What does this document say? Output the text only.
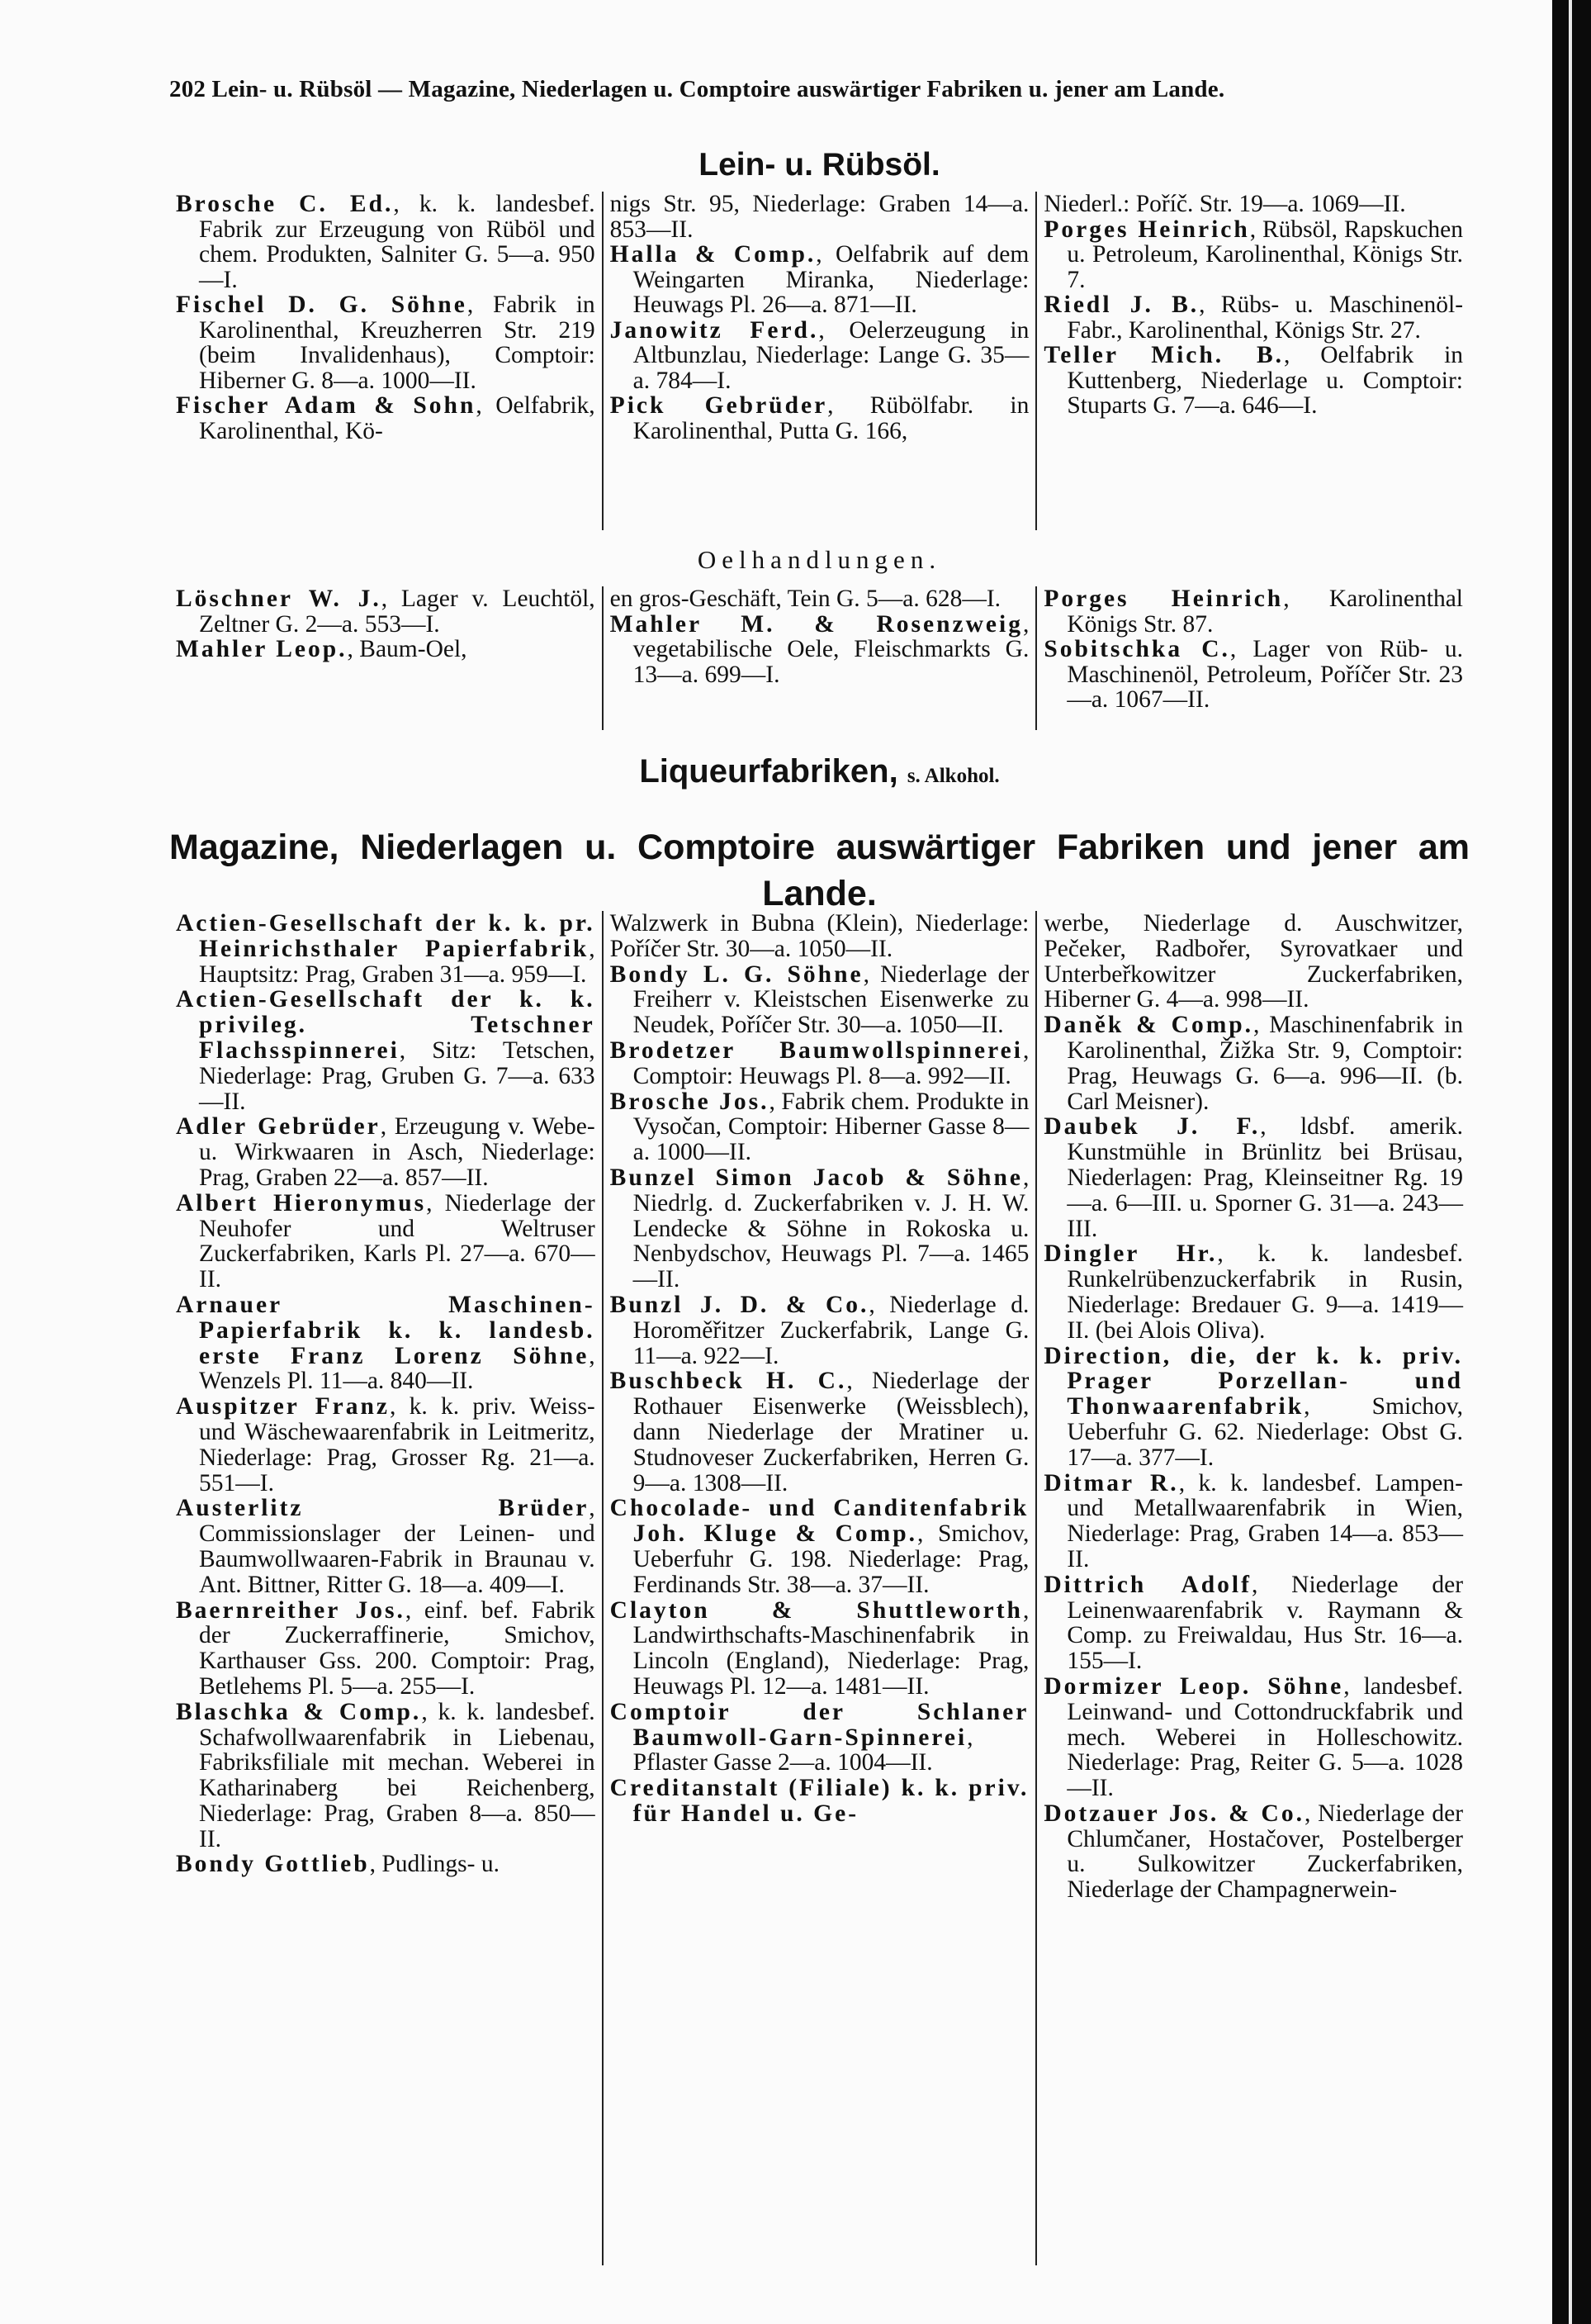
202 Lein- u. Rübsöl — Magazine, Niederlagen u. Comptoire auswärtiger Fabriken u. jener am Lande.
Lein- u. Rübsöl.

Brosche C. Ed., k. k. landesbef. Fabrik zur Erzeugung von Rüböl und chem. Produkten, Salniter G. 5—a. 950—I.

Fischel D. G. Söhne, Fabrik in Karolinenthal, Kreuzherren Str. 219 (beim Invalidenhaus), Comptoir: Hiberner G. 8—a. 1000—II.

Fischer Adam & Sohn, Oelfabrik, Karolinenthal, Kö-

nigs Str. 95, Niederlage: Graben 14—a. 853—II.

Halla & Comp., Oelfabrik auf dem Weingarten Miranka, Niederlage: Heuwags Pl. 26—a. 871—II.

Janowitz Ferd., Oelerzeugung in Altbunzlau, Niederlage: Lange G. 35—a. 784—I.

Pick Gebrüder, Rübölfabr. in Karolinenthal, Putta G. 166,

Niederl.: Poříč. Str. 19—a. 1069—II.

Porges Heinrich, Rübsöl, Rapskuchen u. Petroleum, Karolinenthal, Königs Str. 7.

Riedl J. B., Rübs- u. Maschinenöl-Fabr., Karolinenthal, Königs Str. 27.

Teller Mich. B., Oelfabrik in Kuttenberg, Niederlage u. Comptoir: Stuparts G. 7—a. 646—I.

Oelhandlungen.

Löschner W. J., Lager v. Leuchtöl, Zeltner G. 2—a. 553—I.

Mahler Leop., Baum-Oel,

en gros-Geschäft, Tein G. 5—a. 628—I.

Mahler M. & Rosenzweig, vegetabilische Oele, Fleischmarkts G. 13—a. 699—I.

Porges Heinrich, Karolinenthal Königs Str. 87.

Sobitschka C., Lager von Rüb- u. Maschinenöl, Petroleum, Poříčer Str. 23—a. 1067—II.

Liqueurfabriken, s. Alkohol.
Magazine, Niederlagen u. Comptoire auswärtiger Fabriken und jener am Lande.

Actien-Gesellschaft der k. k. pr. Heinrichsthaler Papierfabrik, Hauptsitz: Prag, Graben 31—a. 959—I.

Actien-Gesellschaft der k. k. privileg. Tetschner Flachsspinnerei, Sitz: Tetschen, Niederlage: Prag, Gruben G. 7—a. 633—II.

Adler Gebrüder, Erzeugung v. Webe- u. Wirkwaaren in Asch, Niederlage: Prag, Graben 22—a. 857—II.

Albert Hieronymus, Niederlage der Neuhofer und Weltruser Zuckerfabriken, Karls Pl. 27—a. 670—II.

Arnauer Maschinen-Papierfabrik k. k. landesb. erste Franz Lorenz Söhne, Wenzels Pl. 11—a. 840—II.

Auspitzer Franz, k. k. priv. Weiss- und Wäschewaarenfabrik in Leitmeritz, Niederlage: Prag, Grosser Rg. 21—a. 551—I.

Austerlitz Brüder, Commissionslager der Leinen- und Baumwollwaaren-Fabrik in Braunau v. Ant. Bittner, Ritter G. 18—a. 409—I.

Baernreither Jos., einf. bef. Fabrik der Zuckerraffinerie, Smichov, Karthauser Gss. 200. Comptoir: Prag, Betlehems Pl. 5—a. 255—I.

Blaschka & Comp., k. k. landesbef. Schafwollwaarenfabrik in Liebenau, Fabriksfiliale mit mechan. Weberei in Katharinaberg bei Reichenberg, Niederlage: Prag, Graben 8—a. 850—II.

Bondy Gottlieb, Pudlings- u.

Walzwerk in Bubna (Klein), Niederlage: Poříčer Str. 30—a. 1050—II.

Bondy L. G. Söhne, Niederlage der Freiherr v. Kleistschen Eisenwerke zu Neudek, Poříčer Str. 30—a. 1050—II.

Brodetzer Baumwollspinnerei, Comptoir: Heuwags Pl. 8—a. 992—II.

Brosche Jos., Fabrik chem. Produkte in Vysočan, Comptoir: Hiberner Gasse 8—a. 1000—II.

Bunzel Simon Jacob & Söhne, Niedrlg. d. Zuckerfabriken v. J. H. W. Lendecke & Söhne in Rokoska u. Nenbydschov, Heuwags Pl. 7—a. 1465—II.

Bunzl J. D. & Co., Niederlage d. Horoměřitzer Zuckerfabrik, Lange G. 11—a. 922—I.

Buschbeck H. C., Niederlage der Rothauer Eisenwerke (Weissblech), dann Niederlage der Mratiner u. Studnoveser Zuckerfabriken, Herren G. 9—a. 1308—II.

Chocolade- und Canditenfabrik Joh. Kluge & Comp., Smichov, Ueberfuhr G. 198. Niederlage: Prag, Ferdinands Str. 38—a. 37—II.

Clayton & Shuttleworth, Landwirthschafts-Maschinenfabrik in Lincoln (England), Niederlage: Prag, Heuwags Pl. 12—a. 1481—II.

Comptoir der Schlaner Baumwoll-Garn-Spinnerei, Pflaster Gasse 2—a. 1004—II.

Creditanstalt (Filiale) k. k. priv. für Handel u. Ge-

werbe, Niederlage d. Auschwitzer, Pečeker, Radbořer, Syrovatkaer und Unterbeřkowitzer Zuckerfabriken, Hiberner G. 4—a. 998—II.

Daněk & Comp., Maschinenfabrik in Karolinenthal, Žižka Str. 9, Comptoir: Prag, Heuwags G. 6—a. 996—II. (b. Carl Meisner).

Daubek J. F., ldsbf. amerik. Kunstmühle in Brünlitz bei Brüsau, Niederlagen: Prag, Kleinseitner Rg. 19—a. 6—III. u. Sporner G. 31—a. 243—III.

Dingler Hr., k. k. landesbef. Runkelrübenzuckerfabrik in Rusin, Niederlage: Bredauer G. 9—a. 1419—II. (bei Alois Oliva).

Direction, die, der k. k. priv. Prager Porzellan- und Thonwaarenfabrik, Smichov, Ueberfuhr G. 62. Niederlage: Obst G. 17—a. 377—I.

Ditmar R., k. k. landesbef. Lampen- und Metallwaarenfabrik in Wien, Niederlage: Prag, Graben 14—a. 853—II.

Dittrich Adolf, Niederlage der Leinenwaarenfabrik v. Raymann & Comp. zu Freiwaldau, Hus Str. 16—a. 155—I.

Dormizer Leop. Söhne, landesbef. Leinwand- und Cottondruckfabrik und mech. Weberei in Holleschowitz. Niederlage: Prag, Reiter G. 5—a. 1028—II.

Dotzauer Jos. & Co., Niederlage der Chlumčaner, Hostačover, Postelberger u. Sulkowitzer Zuckerfabriken, Niederlage der Champagnerwein-
